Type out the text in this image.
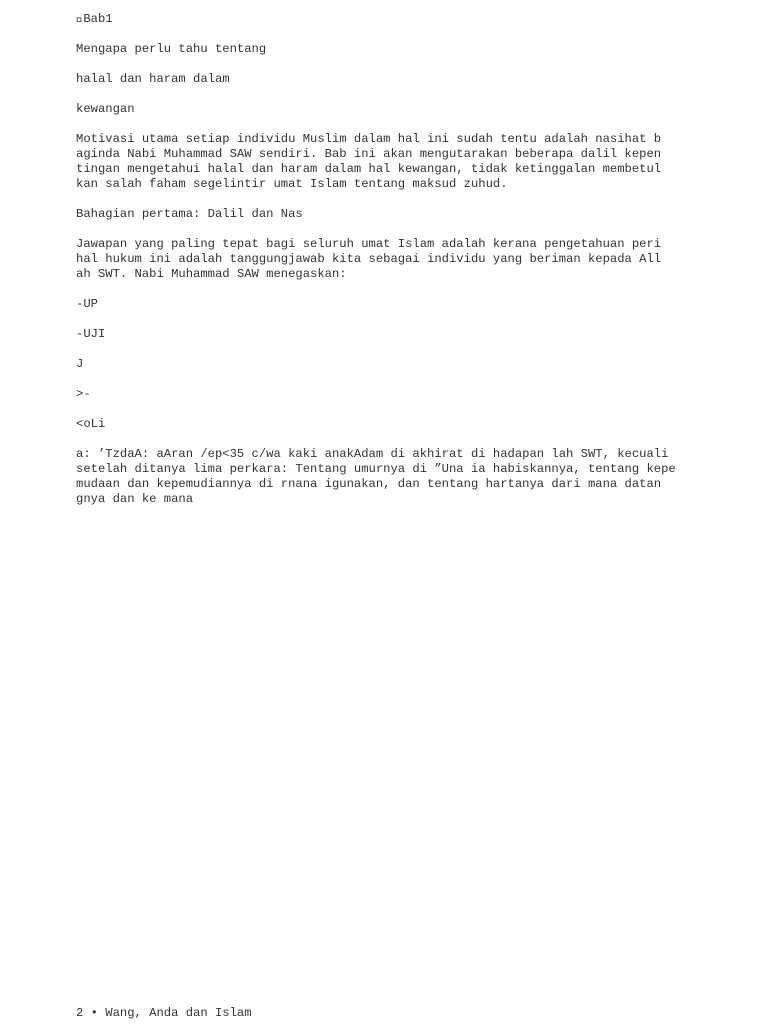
Bab1

Mengapa perlu tahu tentang

halal dan haram dalam

kewangan

Motivasi utama setiap individu Muslim dalam hal ini sudah tentu adalah nasihat b
aginda Nabi Muhammad SAW sendiri. Bab ini akan mengutarakan beberapa dalil kepen
tingan mengetahui halal dan haram dalam hal kewangan, tidak ketinggalan membetul
kan salah faham segelintir umat Islam tentang maksud zuhud.

Bahagian pertama: Dalil dan Nas

Jawapan yang paling tepat bagi seluruh umat Islam adalah kerana pengetahuan peri
hal hukum ini adalah tanggungjawab kita sebagai individu yang beriman kepada All
ah SWT. Nabi Muhammad SAW menegaskan:

-UP

-UJI

J

>-

<oLi

a: ’TzdaA: aAran /ep<35 c/wa kaki anakAdam di akhirat di hadapan lah SWT, kecuali
setelah ditanya lima perkara: Tentang umurnya di ”Una ia habiskannya, tentang kepe
mudaan dan kepemudiannya di rnana igunakan, dan tentang hartanya dari mana datan
gnya dan ke mana

2 • Wang, Anda dan Islam
